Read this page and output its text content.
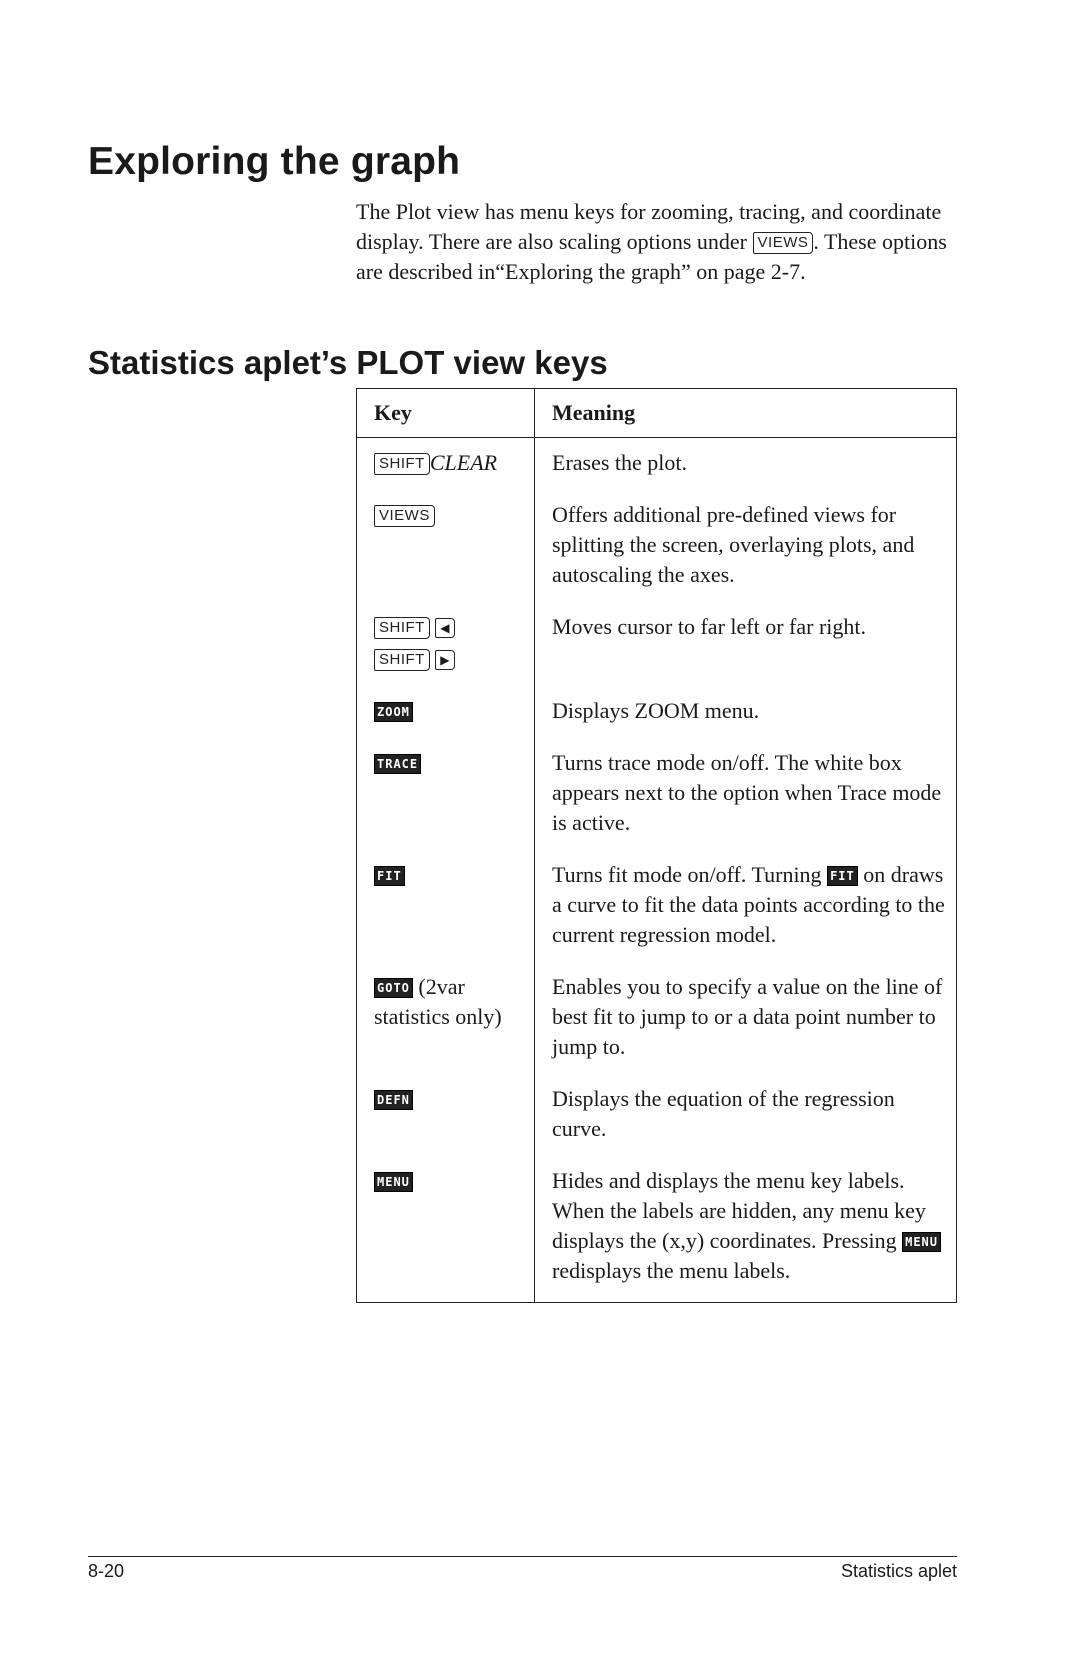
Exploring the graph

The Plot view has menu keys for zooming, tracing, and coordinate display. There are also scaling options under VIEWS . These options are described in“Exploring the graph” on page 2-7.

Statistics aplet’s PLOT view keys
Key	Meaning
SHIFT CLEAR	Erases the plot.
VIEWS	Offers additional pre-defined views for splitting the screen, overlaying plots, and autoscaling the axes.

SHIFT ◀
SHIFT ▶	Moves cursor to far left or far right.
ZOOM	Displays ZOOM menu.
TRACE	Turns trace mode on/off. The white box appears next to the option when Trace mode is active.
FIT	Turns fit mode on/off. Turning FIT on draws a curve to fit the data points according to the current regression model.
GOTO (2var statistics only)	Enables you to specify a value on the line of best fit to jump to or a data point number to jump to.
DEFN	Displays the equation of the regression curve.
MENU	Hides and displays the menu key labels. When the labels are hidden, any menu key displays the (x,y) coordinates. Pressing MENU redisplays the menu labels.

8-20	Statistics aplet
